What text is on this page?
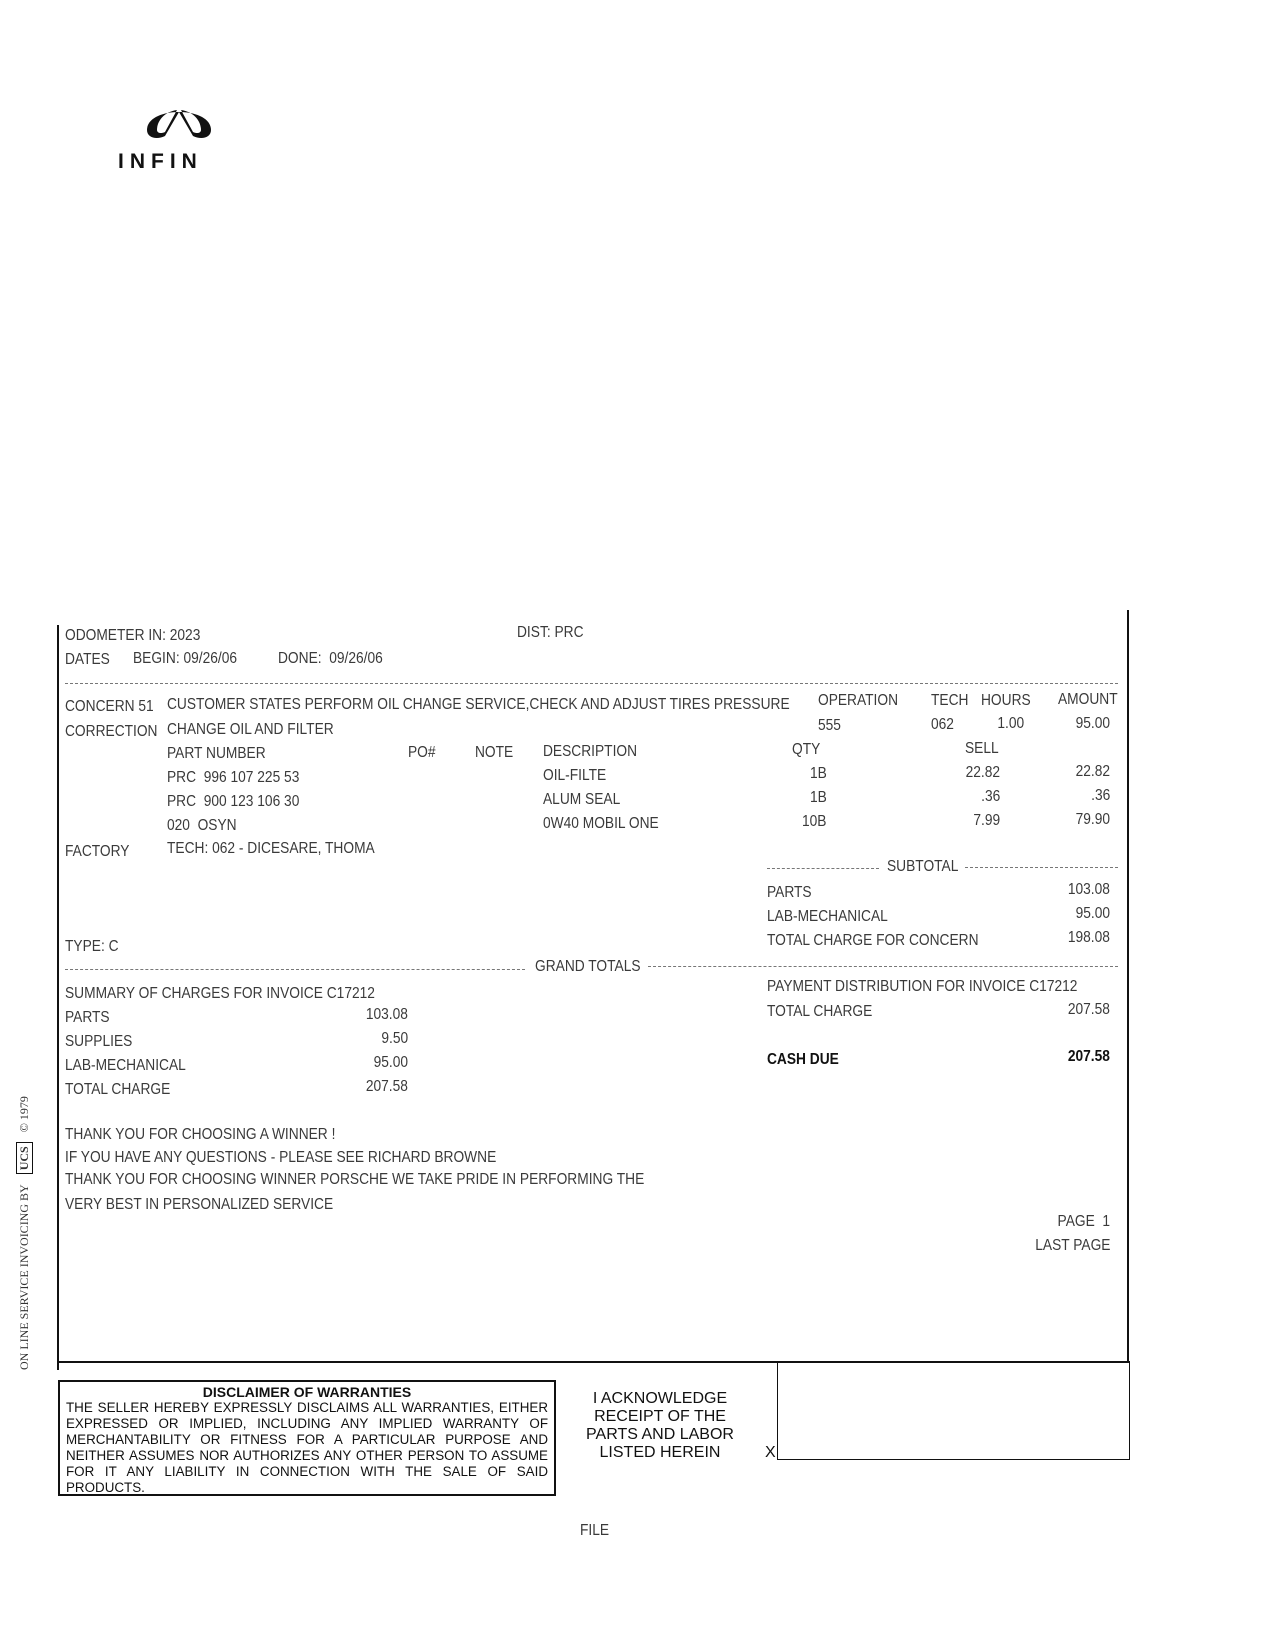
INFIN
ODOMETER IN: 2023	DIST: PRC
DATES BEGIN: 09/26/06	DONE:  09/26/06
CONCERN 51 CUSTOMER STATES PERFORM OIL CHANGE SERVICE,CHECK AND ADJUST TIRES PRESSURE OPERATION TECH HOURS AMOUNT
555	062	1.00	95.00
CORRECTION CHANGE OIL AND FILTER
PART NUMBER	PO# NOTE DESCRIPTION	QTY	SELL
PRC  996 107 225 53	OIL-FILTE	1B	22.82	22.82
PRC  900 123 106 30	ALUM SEAL	1B	.36	.36
020  OSYN	0W40 MOBIL ONE	10B	7.99	79.90
FACTORY TECH: 062 - DICESARE, THOMA
SUBTOTAL
PARTS	103.08
LAB-MECHANICAL	95.00
TOTAL CHARGE FOR CONCERN	198.08
TYPE: C
GRAND TOTALS
SUMMARY OF CHARGES FOR INVOICE C17212
PARTS	103.08
SUPPLIES	9.50
LAB-MECHANICAL	95.00
TOTAL CHARGE	207.58
PAYMENT DISTRIBUTION FOR INVOICE C17212
TOTAL CHARGE	207.58
CASH DUE	207.58
THANK YOU FOR CHOOSING A WINNER !
IF YOU HAVE ANY QUESTIONS - PLEASE SEE RICHARD BROWNE
THANK YOU FOR CHOOSING WINNER PORSCHE WE TAKE PRIDE IN PERFORMING THE
VERY BEST IN PERSONALIZED SERVICE
PAGE  1
LAST PAGE
ON LINE SERVICE INVOICING BY
UCS
© 1979
DISCLAIMER OF WARRANTIES
THE SELLER HEREBY EXPRESSLY DISCLAIMS ALL WARRANTIES, EITHER EXPRESSED OR IMPLIED, INCLUDING ANY IMPLIED WARRANTY OF MERCHANTABILITY OR FITNESS FOR A PARTICULAR PURPOSE AND NEITHER ASSUMES NOR AUTHORIZES ANY OTHER PERSON TO ASSUME FOR IT ANY LIABILITY IN CONNECTION WITH THE SALE OF SAID PRODUCTS.
I ACKNOWLEDGE RECEIPT OF THE PARTS AND LABOR LISTED HEREIN	X
FILE
